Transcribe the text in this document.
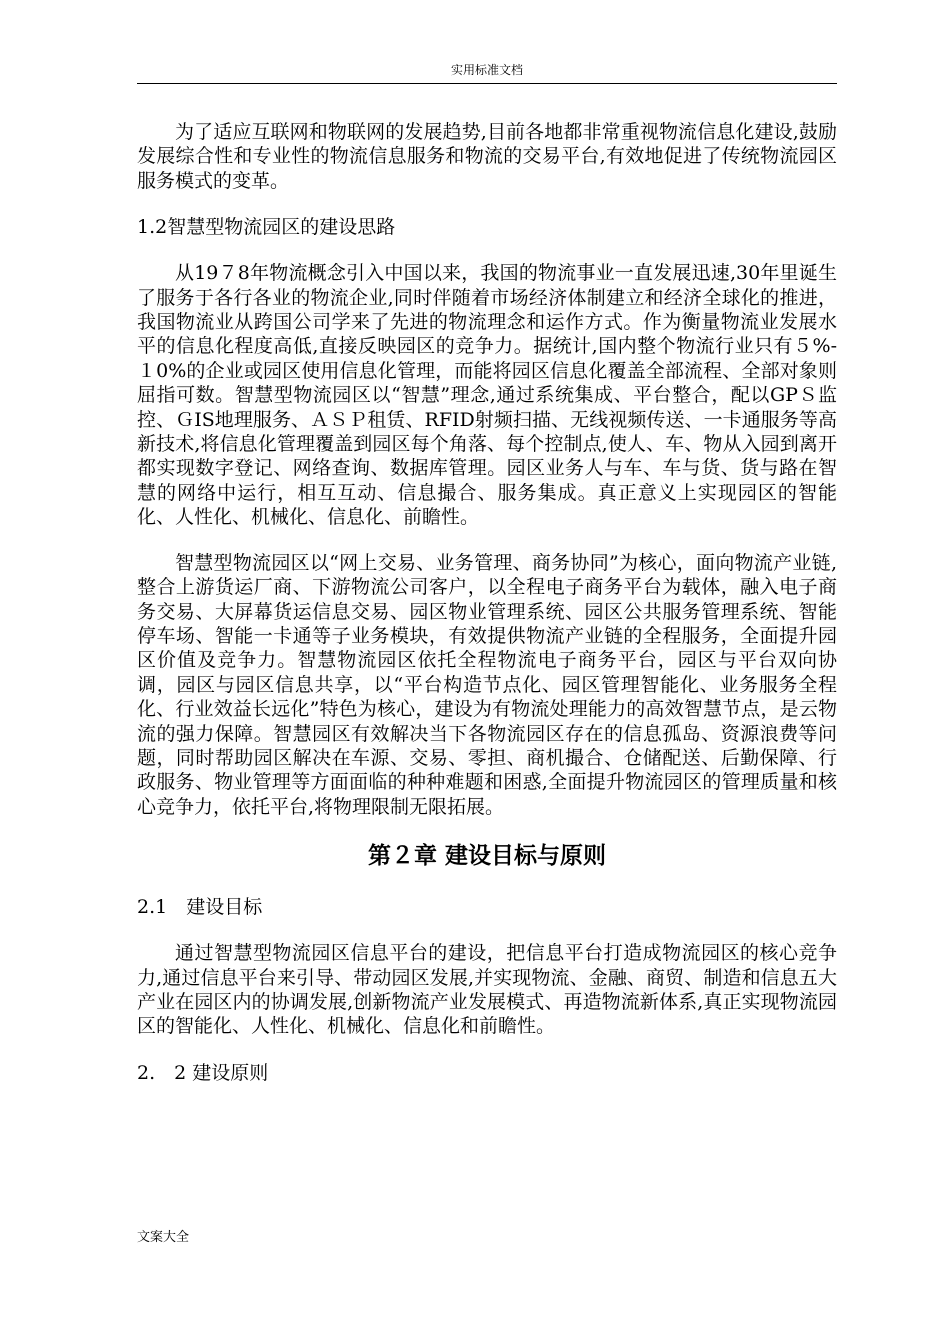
实用标准文档

为了适应互联网和物联网的发展趋势,目前各地都非常重视物流信息化建设,鼓励发展综合性和专业性的物流信息服务和物流的交易平台,有效地促进了传统物流园区服务模式的变革。

1.2智慧型物流园区的建设思路

从19７8年物流概念引入中国以来，我国的物流事业一直发展迅速,30年里诞生了服务于各行各业的物流企业,同时伴随着市场经济体制建立和经济全球化的推进，我国物流业从跨国公司学来了先进的物流理念和运作方式。作为衡量物流业发展水平的信息化程度高低,直接反映园区的竞争力。据统计,国内整个物流行业只有５%-１0%的企业或园区使用信息化管理，而能将园区信息化覆盖全部流程、全部对象则屈指可数。智慧型物流园区以“智慧”理念,通过系统集成、平台整合，配以GPＳ监控、ＧIS地理服务、ＡＳＰ租赁、RFID射频扫描、无线视频传送、一卡通服务等高新技术,将信息化管理覆盖到园区每个角落、每个控制点,使人、车、物从入园到离开都实现数字登记、网络查询、数据库管理。园区业务人与车、车与货、货与路在智慧的网络中运行，相互互动、信息撮合、服务集成。真正意义上实现园区的智能化、人性化、机械化、信息化、前瞻性。

智慧型物流园区以“网上交易、业务管理、商务协同”为核心，面向物流产业链,整合上游货运厂商、下游物流公司客户，以全程电子商务平台为载体，融入电子商务交易、大屏幕货运信息交易、园区物业管理系统、园区公共服务管理系统、智能停车场、智能一卡通等子业务模块，有效提供物流产业链的全程服务，全面提升园区价值及竞争力。智慧物流园区依托全程物流电子商务平台，园区与平台双向协调，园区与园区信息共享，以“平台构造节点化、园区管理智能化、业务服务全程化、行业效益长远化”特色为核心，建设为有物流处理能力的高效智慧节点，是云物流的强力保障。智慧园区有效解决当下各物流园区存在的信息孤岛、资源浪费等问题，同时帮助园区解决在车源、交易、零担、商机撮合、仓储配送、后勤保障、行政服务、物业管理等方面面临的种种难题和困惑,全面提升物流园区的管理质量和核心竞争力，依托平台,将物理限制无限拓展。

第２章 建设目标与原则

2.1　建设目标

通过智慧型物流园区信息平台的建设，把信息平台打造成物流园区的核心竞争力,通过信息平台来引导、带动园区发展,并实现物流、金融、商贸、制造和信息五大产业在园区内的协调发展,创新物流产业发展模式、再造物流新体系,真正实现物流园区的智能化、人性化、机械化、信息化和前瞻性。

2.　2 建设原则

文案大全
